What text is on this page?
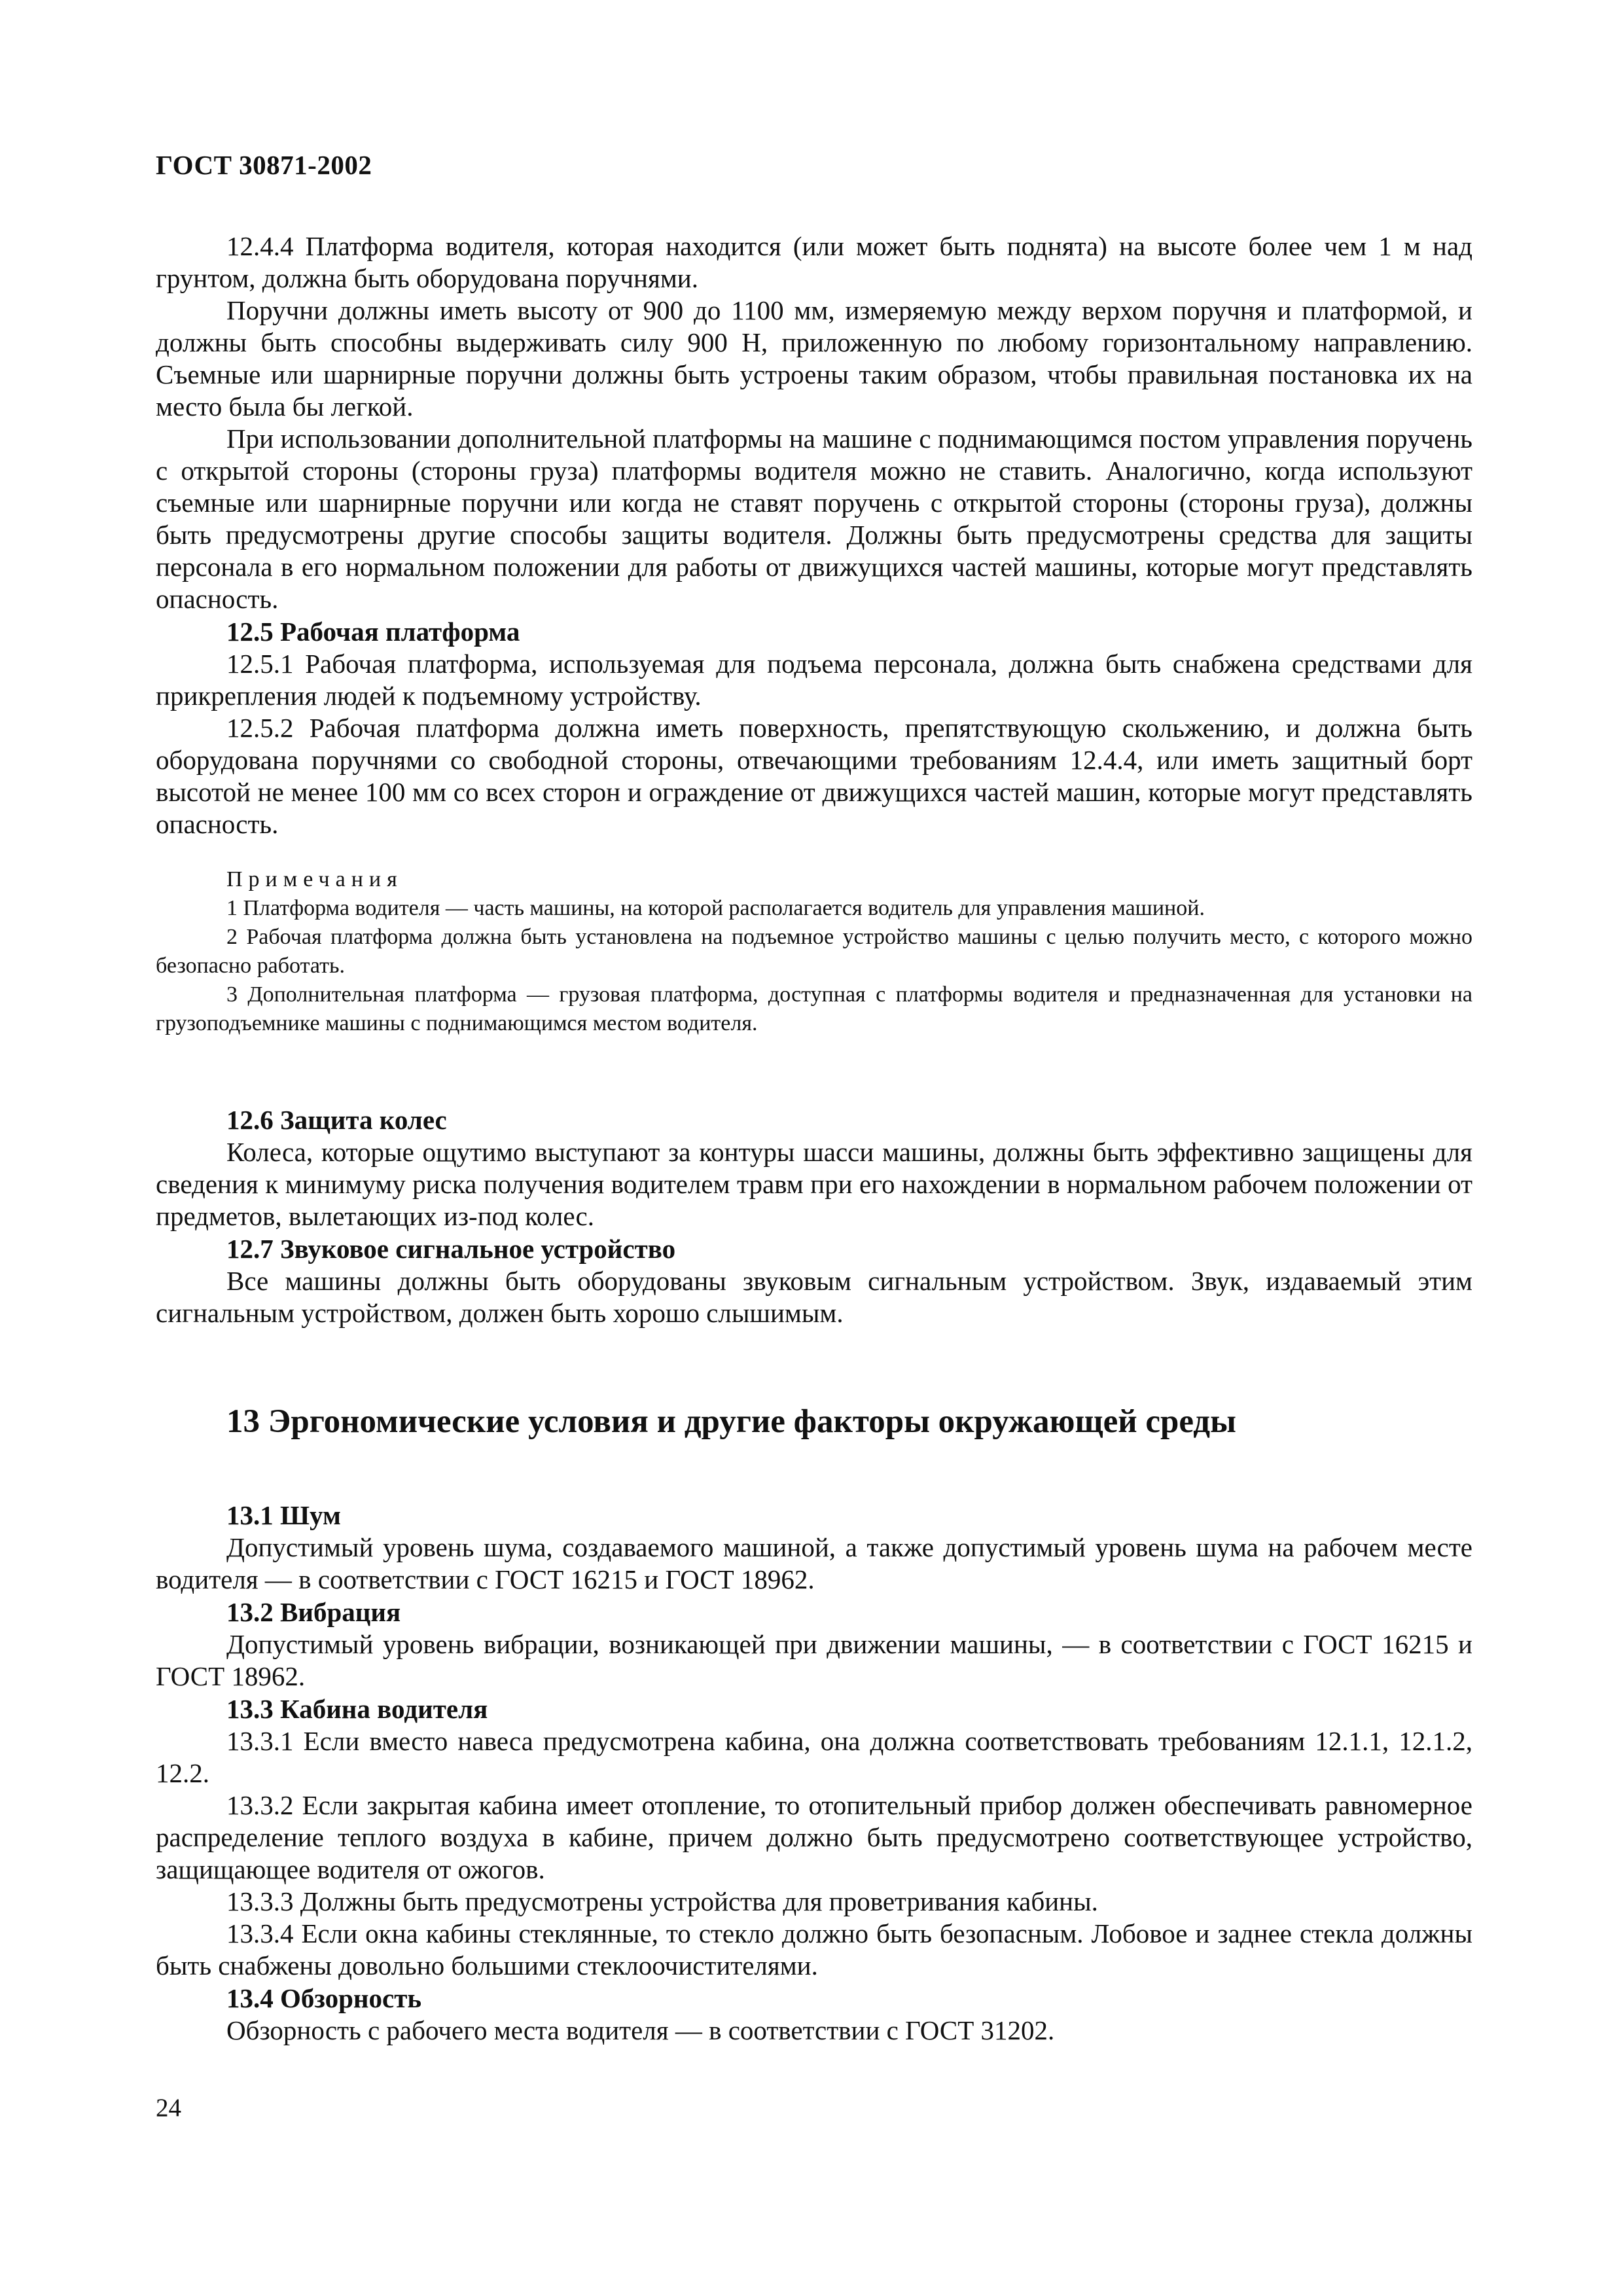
ГОСТ 30871-2002

12.4.4 Платформа водителя, которая находится (или может быть поднята) на высоте более чем 1 м над грунтом, должна быть оборудована поручнями.

Поручни должны иметь высоту от 900 до 1100 мм, измеряемую между верхом поручня и платформой, и должны быть способны выдерживать силу 900 Н, приложенную по любому горизонтальному направлению. Съемные или шарнирные поручни должны быть устроены таким образом, чтобы правильная постановка их на место была бы легкой.

При использовании дополнительной платформы на машине с поднимающимся постом управления поручень с открытой стороны (стороны груза) платформы водителя можно не ставить. Аналогично, когда используют съемные или шарнирные поручни или когда не ставят поручень с открытой стороны (стороны груза), должны быть предусмотрены другие способы защиты водителя. Должны быть предусмотрены средства для защиты персонала в его нормальном положении для работы от движущихся частей машины, которые могут представлять опасность.

12.5 Рабочая платформа

12.5.1 Рабочая платформа, используемая для подъема персонала, должна быть снабжена средствами для прикрепления людей к подъемному устройству.

12.5.2 Рабочая платформа должна иметь поверхность, препятствующую скольжению, и должна быть оборудована поручнями со свободной стороны, отвечающими требованиям 12.4.4, или иметь защитный борт высотой не менее 100 мм со всех сторон и ограждение от движущихся частей машин, которые могут представлять опасность.

Примечания

1 Платформа водителя — часть машины, на которой располагается водитель для управления машиной.

2 Рабочая платформа должна быть установлена на подъемное устройство машины с целью получить место, с которого можно безопасно работать.

3 Дополнительная платформа — грузовая платформа, доступная с платформы водителя и предназначенная для установки на грузоподъемнике машины с поднимающимся местом водителя.

12.6 Защита колес

Колеса, которые ощутимо выступают за контуры шасси машины, должны быть эффективно защищены для сведения к минимуму риска получения водителем травм при его нахождении в нормальном рабочем положении от предметов, вылетающих из-под колес.

12.7 Звуковое сигнальное устройство

Все машины должны быть оборудованы звуковым сигнальным устройством. Звук, издаваемый этим сигнальным устройством, должен быть хорошо слышимым.

13 Эргономические условия и другие факторы окружающей среды
13.1 Шум

Допустимый уровень шума, создаваемого машиной, а также допустимый уровень шума на рабочем месте водителя — в соответствии с ГОСТ 16215 и ГОСТ 18962.

13.2 Вибрация

Допустимый уровень вибрации, возникающей при движении машины, — в соответствии с ГОСТ 16215 и ГОСТ 18962.

13.3 Кабина водителя

13.3.1 Если вместо навеса предусмотрена кабина, она должна соответствовать требованиям 12.1.1, 12.1.2, 12.2.

13.3.2 Если закрытая кабина имеет отопление, то отопительный прибор должен обеспечивать равномерное распределение теплого воздуха в кабине, причем должно быть предусмотрено соответствующее устройство, защищающее водителя от ожогов.

13.3.3 Должны быть предусмотрены устройства для проветривания кабины.

13.3.4 Если окна кабины стеклянные, то стекло должно быть безопасным. Лобовое и заднее стекла должны быть снабжены довольно большими стеклоочистителями.

13.4 Обзорность

Обзорность с рабочего места водителя — в соответствии с ГОСТ 31202.

24
